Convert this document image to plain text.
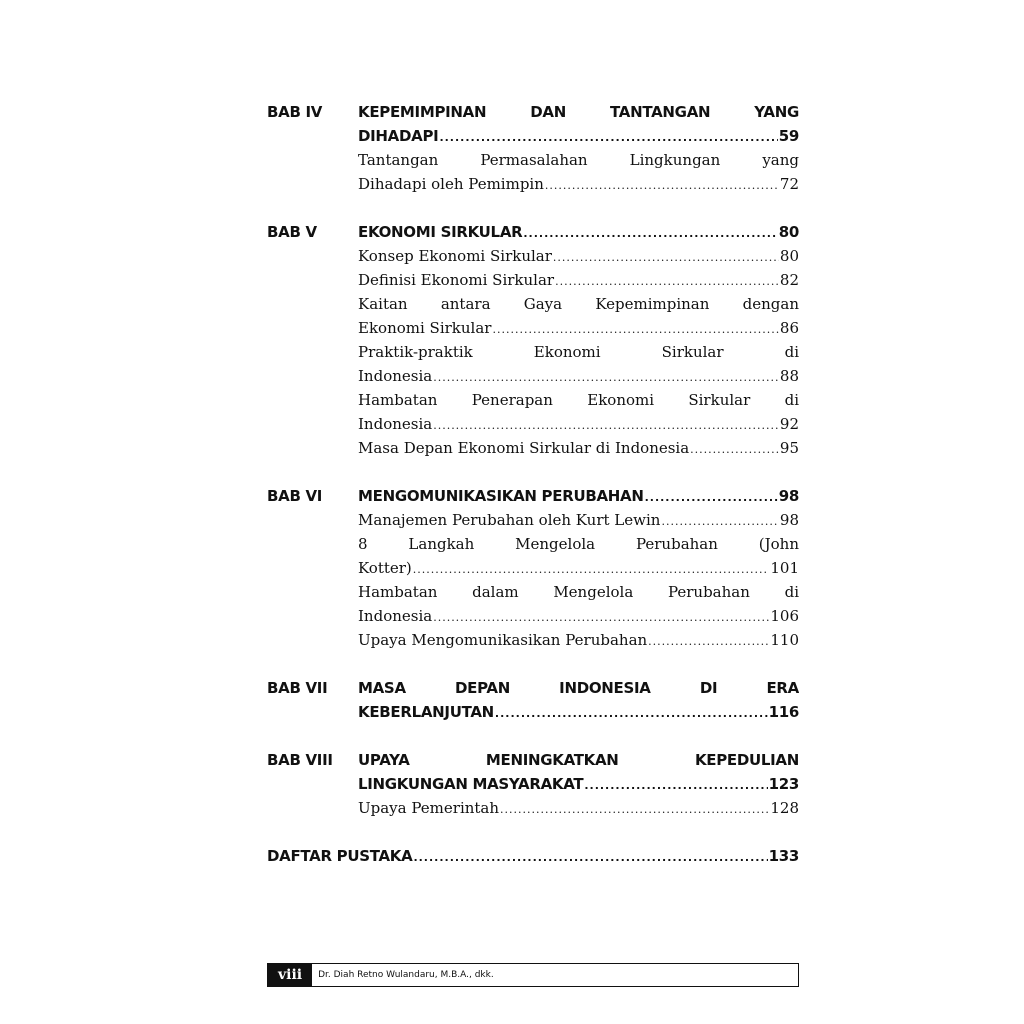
BAB IV	KEPEMIMPINAN DAN TANTANGAN YANG
DIHADAPI .....	59
Tantangan Permasalahan Lingkungan yang
Dihadapi oleh Pemimpin .....	72
BAB V	EKONOMI SIRKULAR .....	80
Konsep Ekonomi Sirkular .....	80
Definisi Ekonomi Sirkular .....	82
Kaitan antara Gaya Kepemimpinan dengan
Ekonomi Sirkular .....	86
Praktik-praktik Ekonomi Sirkular di
Indonesia .....	88
Hambatan Penerapan Ekonomi Sirkular di
Indonesia .....	92
Masa Depan Ekonomi Sirkular di Indonesia .....	95
BAB VI	MENGOMUNIKASIKAN PERUBAHAN .....	98
Manajemen Perubahan oleh Kurt Lewin .....	98
8 Langkah Mengelola Perubahan (John
Kotter) .....	101
Hambatan dalam Mengelola Perubahan di
Indonesia .....	106
Upaya Mengomunikasikan Perubahan .....	110
BAB VII	MASA DEPAN INDONESIA DI ERA
KEBERLANJUTAN .....	116
BAB VIII	UPAYA MENINGKATKAN KEPEDULIAN
LINGKUNGAN MASYARAKAT .....	123
Upaya Pemerintah .....	128
DAFTAR PUSTAKA .....	133
viii	Dr. Diah Retno Wulandaru, M.B.A., dkk.
